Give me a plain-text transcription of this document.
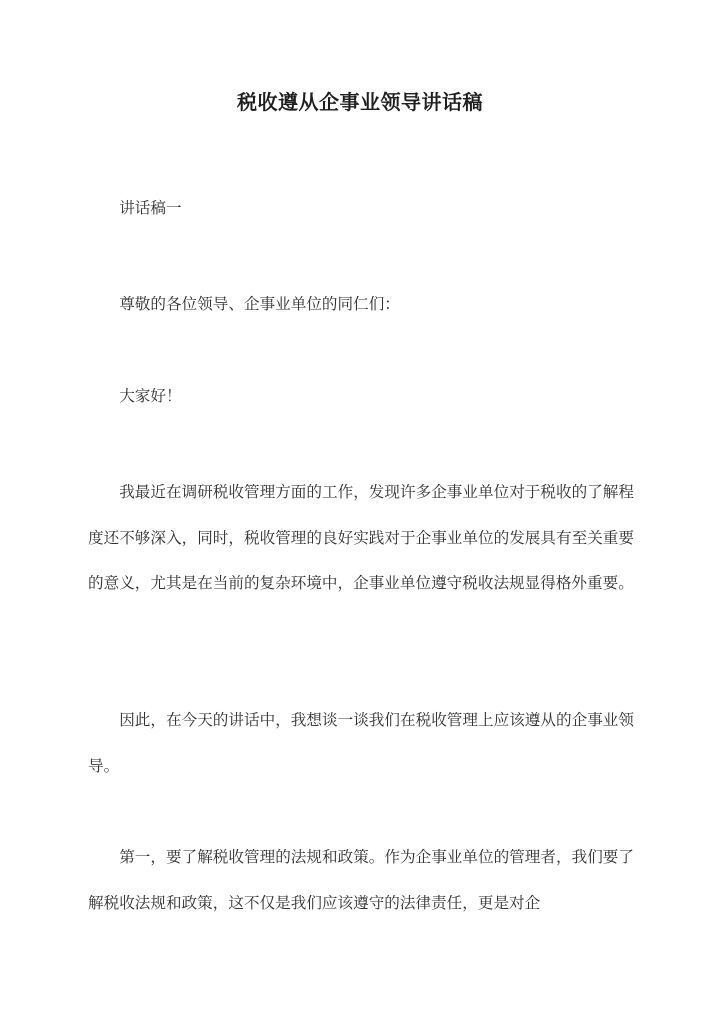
税收遵从企事业领导讲话稿

讲话稿一

尊敬的各位领导、企事业单位的同仁们：

大家好！

我最近在调研税收管理方面的工作，发现许多企事业单位对于税收的了解程度还不够深入，同时，税收管理的良好实践对于企事业单位的发展具有至关重要的意义，尤其是在当前的复杂环境中，企事业单位遵守税收法规显得格外重要。

因此，在今天的讲话中，我想谈一谈我们在税收管理上应该遵从的企事业领导。

第一，要了解税收管理的法规和政策。作为企事业单位的管理者，我们要了解税收法规和政策，这不仅是我们应该遵守的法律责任，更是对企
